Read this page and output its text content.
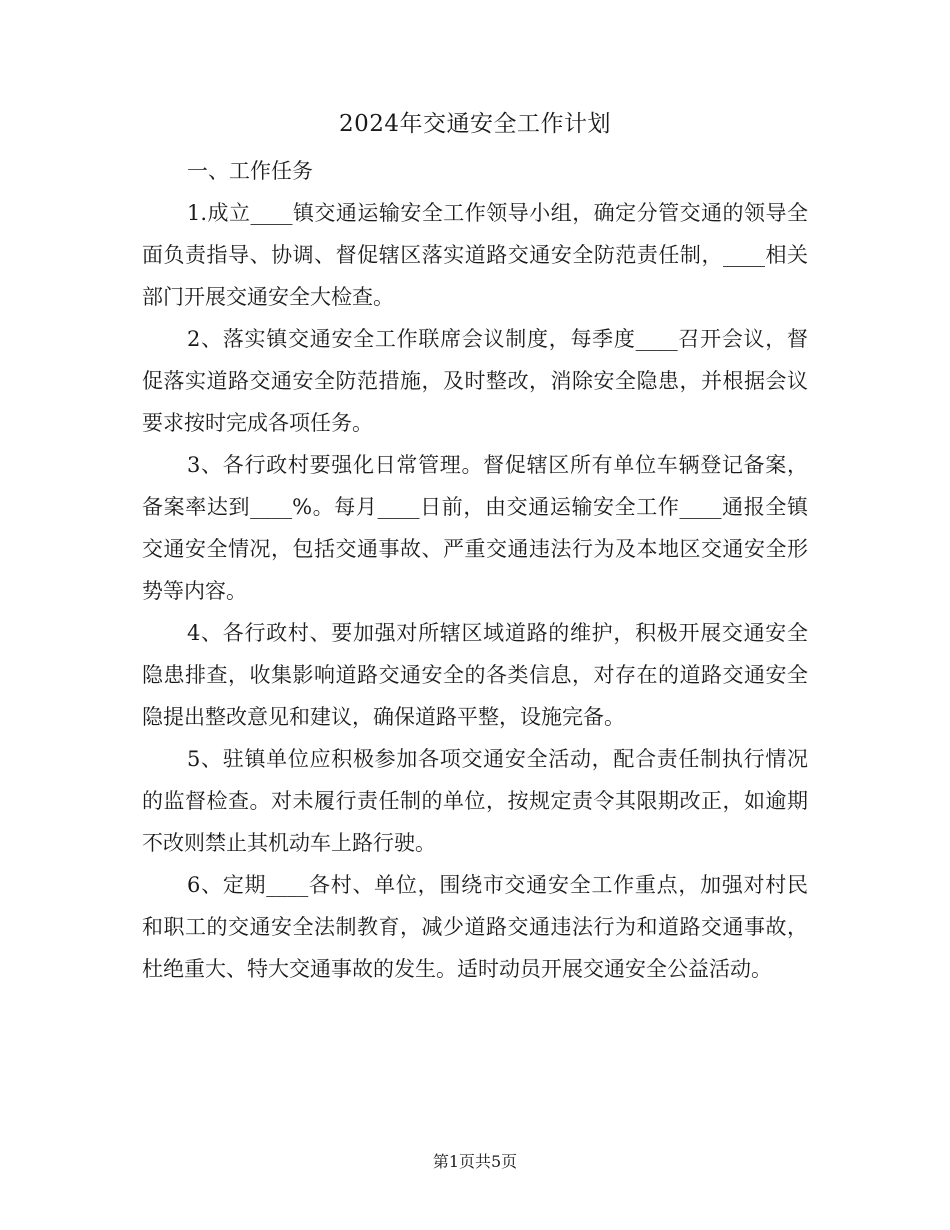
2024年交通安全工作计划

一、工作任务

1.成立____镇交通运输安全工作领导小组，确定分管交通的领导全面负责指导、协调、督促辖区落实道路交通安全防范责任制，____相关部门开展交通安全大检查。

2、落实镇交通安全工作联席会议制度，每季度____召开会议，督促落实道路交通安全防范措施，及时整改，消除安全隐患，并根据会议要求按时完成各项任务。

3、各行政村要强化日常管理。督促辖区所有单位车辆登记备案，备案率达到____%。每月____日前，由交通运输安全工作____通报全镇交通安全情况，包括交通事故、严重交通违法行为及本地区交通安全形势等内容。

4、各行政村、要加强对所辖区域道路的维护，积极开展交通安全隐患排查，收集影响道路交通安全的各类信息，对存在的道路交通安全隐提出整改意见和建议，确保道路平整，设施完备。

5、驻镇单位应积极参加各项交通安全活动，配合责任制执行情况的监督检查。对未履行责任制的单位，按规定责令其限期改正，如逾期不改则禁止其机动车上路行驶。

6、定期____各村、单位，围绕市交通安全工作重点，加强对村民和职工的交通安全法制教育，减少道路交通违法行为和道路交通事故，杜绝重大、特大交通事故的发生。适时动员开展交通安全公益活动。

第1页共5页
